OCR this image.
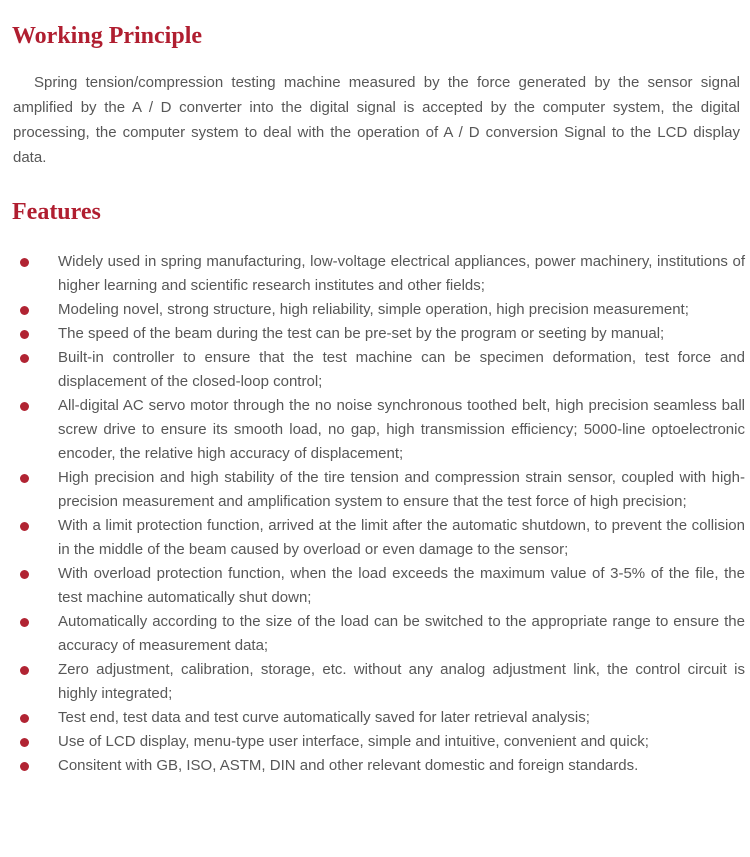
Working Principle

Spring tension/compression testing machine measured by the force generated by the sensor signal amplified by the A / D converter into the digital signal is accepted by the computer system, the digital processing, the computer system to deal with the operation of A / D conversion Signal to the LCD display data.

Features
Widely used in spring manufacturing, low-voltage electrical appliances, power machinery, institutions of higher learning and scientific research institutes and other fields;
Modeling novel, strong structure, high reliability, simple operation, high precision measurement;
The speed of the beam during the test can be pre-set by the program or seeting by manual;
Built-in controller to ensure that the test machine can be specimen deformation, test force and displacement of the closed-loop control;
All-digital AC servo motor through the no noise synchronous toothed belt, high precision seamless ball screw drive to ensure its smooth load, no gap, high transmission efficiency; 5000-line optoelectronic encoder, the relative high accuracy of displacement;
High precision and high stability of the tire tension and compression strain sensor, coupled with high-precision measurement and amplification system to ensure that the test force of high precision;
With a limit protection function, arrived at the limit after the automatic shutdown, to prevent the collision in the middle of the beam caused by overload or even damage to the sensor;
With overload protection function, when the load exceeds the maximum value of 3-5% of the file, the test machine automatically shut down;
Automatically according to the size of the load can be switched to the appropriate range to ensure the accuracy of measurement data;
Zero adjustment, calibration, storage, etc. without any analog adjustment link, the control circuit is highly integrated;
Test end, test data and test curve automatically saved for later retrieval analysis;
Use of LCD display, menu-type user interface, simple and intuitive, convenient and quick;
Consitent with GB, ISO, ASTM, DIN and other relevant domestic and foreign standards.
